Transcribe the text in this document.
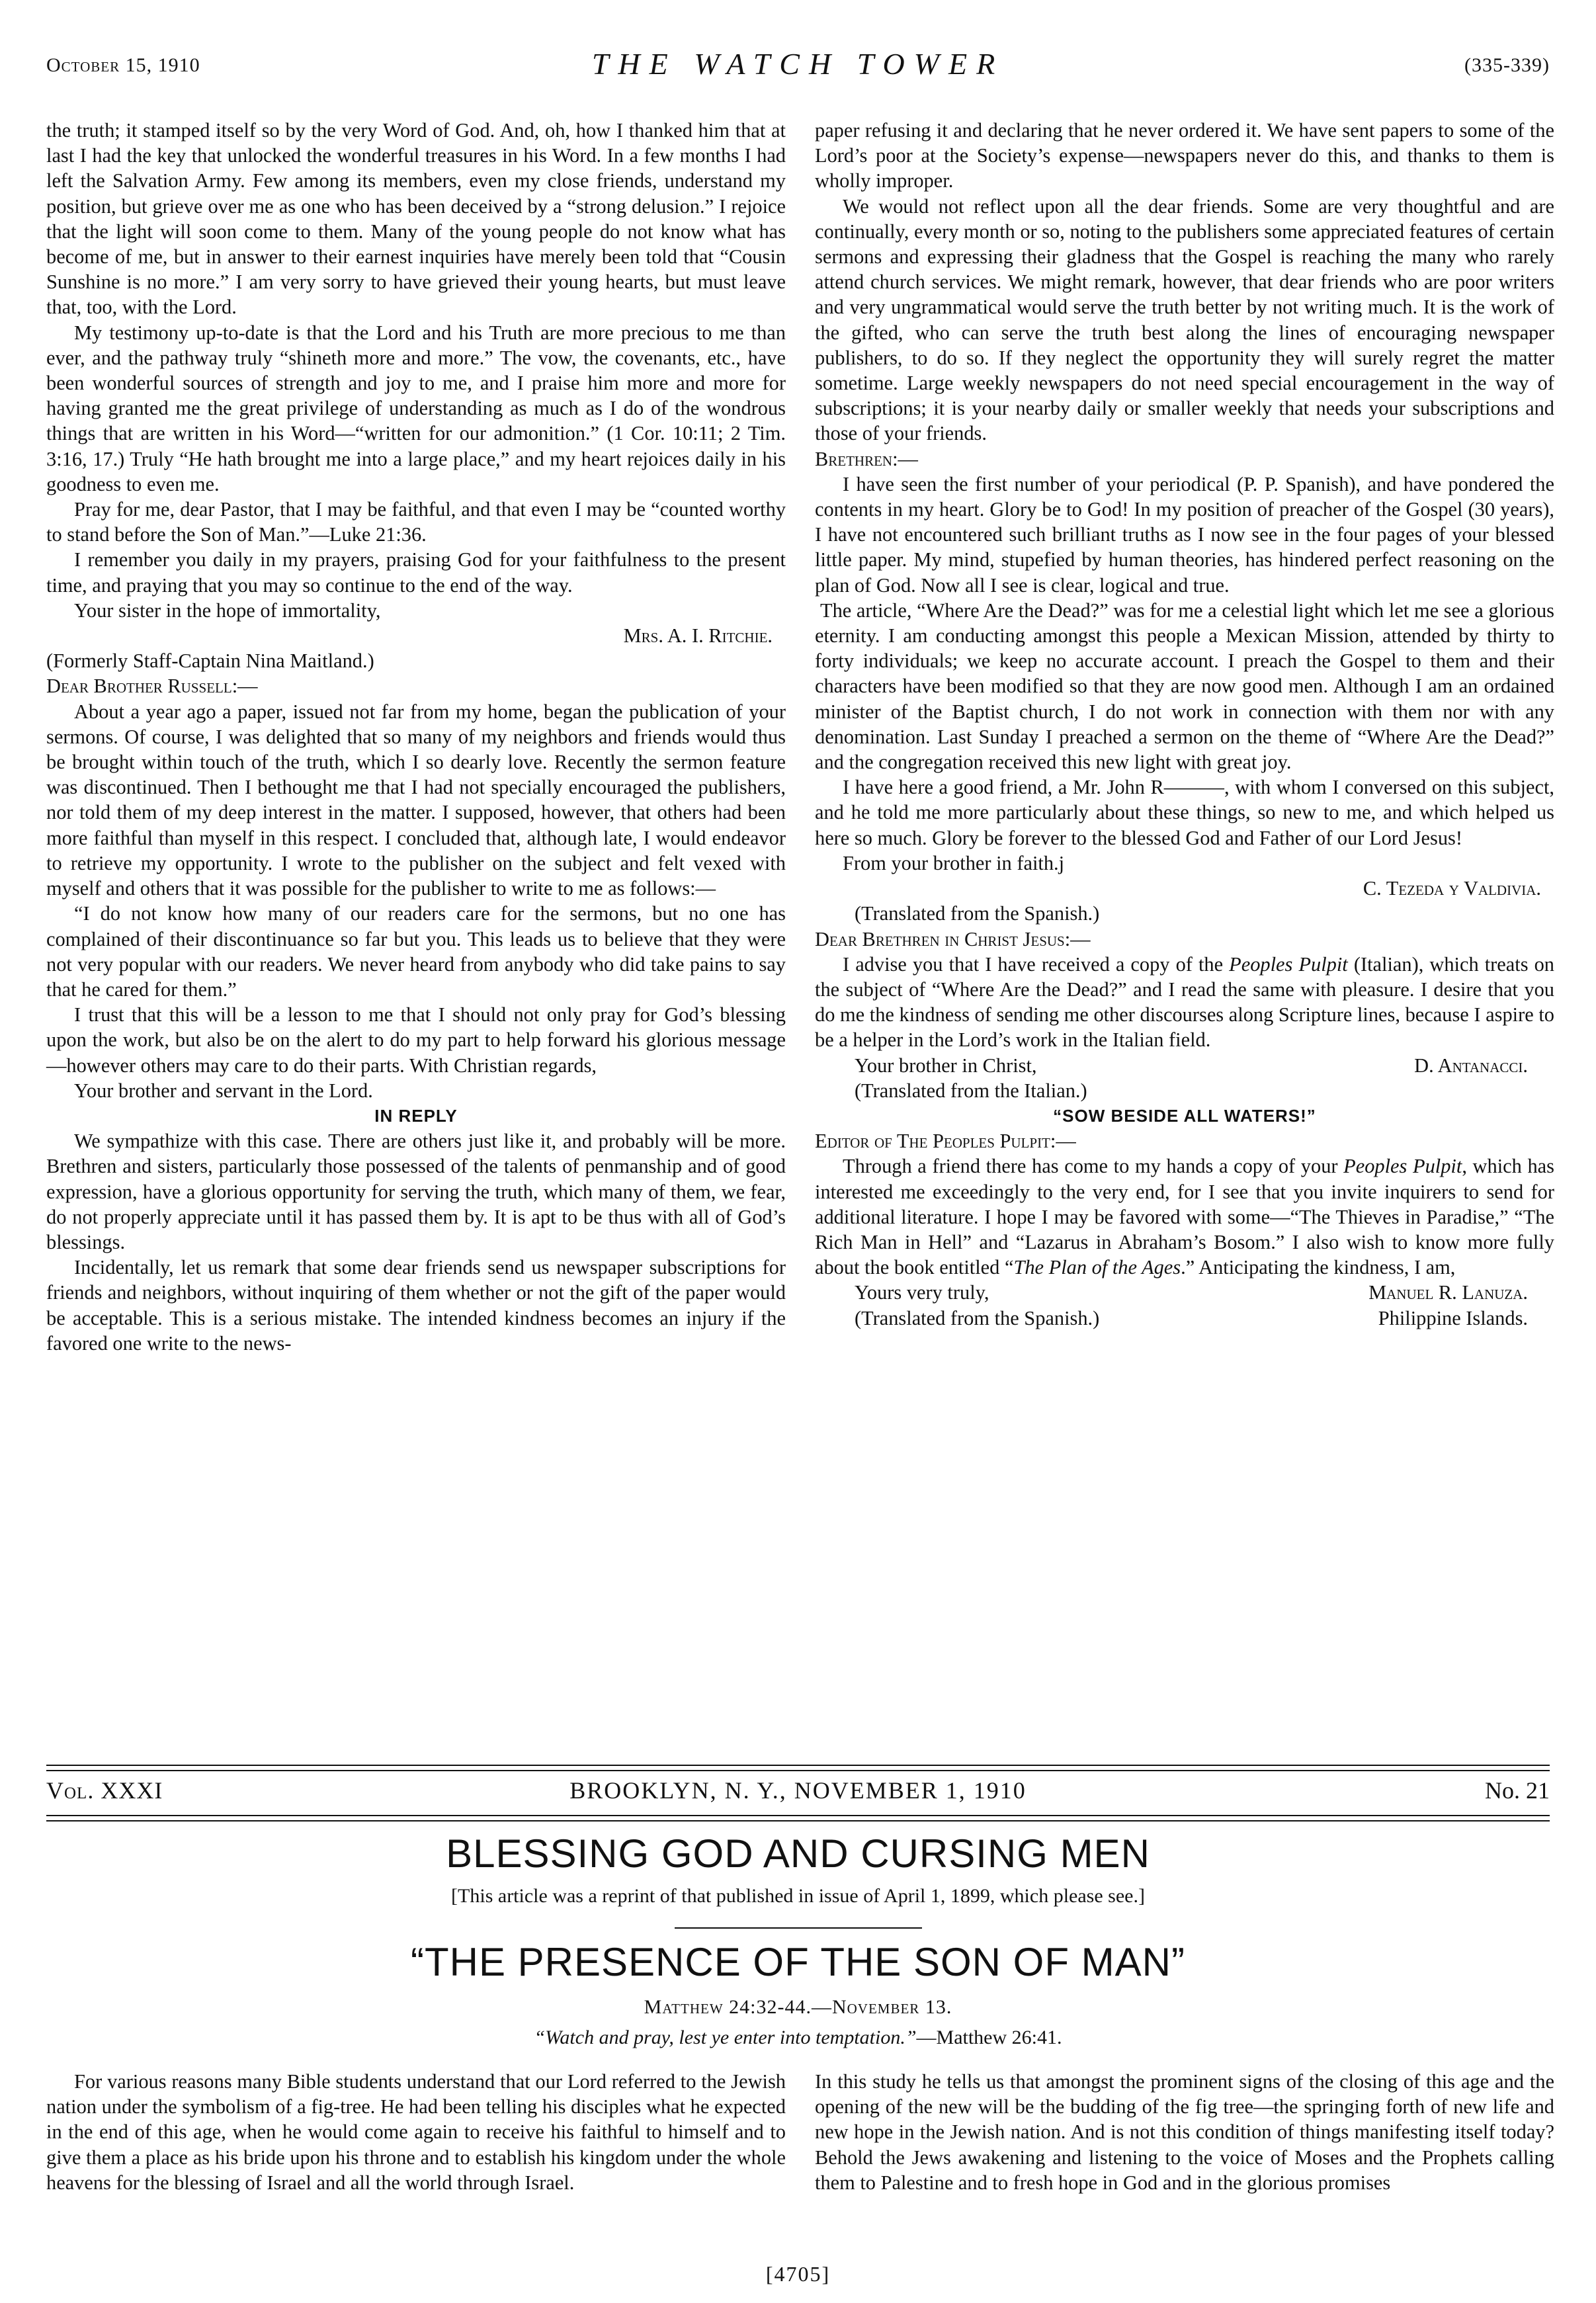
October 15, 1910	THE WATCH TOWER	(335-339)

the truth; it stamped itself so by the very Word of God. And, oh, how I thanked him that at last I had the key that unlocked the wonderful treasures in his Word. In a few months I had left the Salvation Army. Few among its members, even my close friends, understand my position, but grieve over me as one who has been deceived by a “strong delusion.” I rejoice that the light will soon come to them. Many of the young people do not know what has become of me, but in answer to their earnest inquiries have merely been told that “Cousin Sunshine is no more.” I am very sorry to have grieved their young hearts, but must leave that, too, with the Lord.

My testimony up-to-date is that the Lord and his Truth are more precious to me than ever, and the pathway truly “shineth more and more.” The vow, the covenants, etc., have been wonderful sources of strength and joy to me, and I praise him more and more for having granted me the great privilege of understanding as much as I do of the wondrous things that are written in his Word—“written for our admonition.” (1 Cor. 10:11; 2 Tim. 3:16, 17.) Truly “He hath brought me into a large place,” and my heart rejoices daily in his goodness to even me.

Pray for me, dear Pastor, that I may be faithful, and that even I may be “counted worthy to stand before the Son of Man.”—Luke 21:36.

I remember you daily in my prayers, praising God for your faithfulness to the present time, and praying that you may so continue to the end of the way.

Your sister in the hope of immortality,

Mrs. A. I. Ritchie.

(Formerly Staff-Captain Nina Maitland.)

Dear Brother Russell:—

About a year ago a paper, issued not far from my home, began the publication of your sermons. Of course, I was delighted that so many of my neighbors and friends would thus be brought within touch of the truth, which I so dearly love. Recently the sermon feature was discontinued. Then I bethought me that I had not specially encouraged the publishers, nor told them of my deep interest in the matter. I supposed, however, that others had been more faithful than myself in this respect. I concluded that, although late, I would endeavor to retrieve my opportunity. I wrote to the publisher on the subject and felt vexed with myself and others that it was possible for the publisher to write to me as follows:—

“I do not know how many of our readers care for the sermons, but no one has complained of their discontinuance so far but you. This leads us to believe that they were not very popular with our readers. We never heard from anybody who did take pains to say that he cared for them.”

I trust that this will be a lesson to me that I should not only pray for God’s blessing upon the work, but also be on the alert to do my part to help forward his glorious message—however others may care to do their parts. With Christian regards,

Your brother and servant in the Lord.

IN REPLY

We sympathize with this case. There are others just like it, and probably will be more. Brethren and sisters, particularly those possessed of the talents of penmanship and of good expression, have a glorious opportunity for serving the truth, which many of them, we fear, do not properly appreciate until it has passed them by. It is apt to be thus with all of God’s blessings.

Incidentally, let us remark that some dear friends send us newspaper subscriptions for friends and neighbors, without inquiring of them whether or not the gift of the paper would be acceptable. This is a serious mistake. The intended kindness becomes an injury if the favored one write to the news-

paper refusing it and declaring that he never ordered it. We have sent papers to some of the Lord’s poor at the Society’s expense—newspapers never do this, and thanks to them is wholly improper.

We would not reflect upon all the dear friends. Some are very thoughtful and are continually, every month or so, noting to the publishers some appreciated features of certain sermons and expressing their gladness that the Gospel is reaching the many who rarely attend church services. We might remark, however, that dear friends who are poor writers and very ungrammatical would serve the truth better by not writing much. It is the work of the gifted, who can serve the truth best along the lines of encouraging newspaper publishers, to do so. If they neglect the opportunity they will surely regret the matter sometime. Large weekly newspapers do not need special encouragement in the way of subscriptions; it is your nearby daily or smaller weekly that needs your subscriptions and those of your friends.

Brethren:—

I have seen the first number of your periodical (P. P. Spanish), and have pondered the contents in my heart. Glory be to God! In my position of preacher of the Gospel (30 years), I have not encountered such brilliant truths as I now see in the four pages of your blessed little paper. My mind, stupefied by human theories, has hindered perfect reasoning on the plan of God. Now all I see is clear, logical and true.

The article, “Where Are the Dead?” was for me a celestial light which let me see a glorious eternity. I am conducting amongst this people a Mexican Mission, attended by thirty to forty individuals; we keep no accurate account. I preach the Gospel to them and their characters have been modified so that they are now good men. Although I am an ordained minister of the Baptist church, I do not work in connection with them nor with any denomination. Last Sunday I preached a sermon on the theme of “Where Are the Dead?” and the congregation received this new light with great joy.

I have here a good friend, a Mr. John R———, with whom I conversed on this subject, and he told me more particularly about these things, so new to me, and which helped us here so much. Glory be forever to the blessed God and Father of our Lord Jesus!

From your brother in faith.j

C. Tezeda y Valdivia.

(Translated from the Spanish.)

Dear Brethren in Christ Jesus:—

I advise you that I have received a copy of the Peoples Pulpit (Italian), which treats on the subject of “Where Are the Dead?” and I read the same with pleasure. I desire that you do me the kindness of sending me other discourses along Scripture lines, because I aspire to be a helper in the Lord’s work in the Italian field.

Your brother in Christ,	D. Antanacci.

(Translated from the Italian.)

“SOW BESIDE ALL WATERS!”

Editor of The Peoples Pulpit:—

Through a friend there has come to my hands a copy of your Peoples Pulpit, which has interested me exceedingly to the very end, for I see that you invite inquirers to send for additional literature. I hope I may be favored with some—“The Thieves in Paradise,” “The Rich Man in Hell” and “Lazarus in Abraham’s Bosom.” I also wish to know more fully about the book entitled “The Plan of the Ages.” Anticipating the kindness, I am,

Yours very truly,	Manuel R. Lanuza.

(Translated from the Spanish.)	Philippine Islands.

Vol. XXXI	BROOKLYN, N. Y., NOVEMBER 1, 1910	No. 21
BLESSING GOD AND CURSING MEN
[This article was a reprint of that published in issue of April 1, 1899, which please see.]
“THE PRESENCE OF THE SON OF MAN”
Matthew 24:32-44.—November 13.
“Watch and pray, lest ye enter into temptation.”—Matthew 26:41.

For various reasons many Bible students understand that our Lord referred to the Jewish nation under the symbolism of a fig-tree. He had been telling his disciples what he expected in the end of this age, when he would come again to receive his faithful to himself and to give them a place as his bride upon his throne and to establish his kingdom under the whole heavens for the blessing of Israel and all the world through Israel.

In this study he tells us that amongst the prominent signs of the closing of this age and the opening of the new will be the budding of the fig tree—the springing forth of new life and new hope in the Jewish nation. And is not this condition of things manifesting itself today? Behold the Jews awakening and listening to the voice of Moses and the Prophets calling them to Palestine and to fresh hope in God and in the glorious promises

[4705]
